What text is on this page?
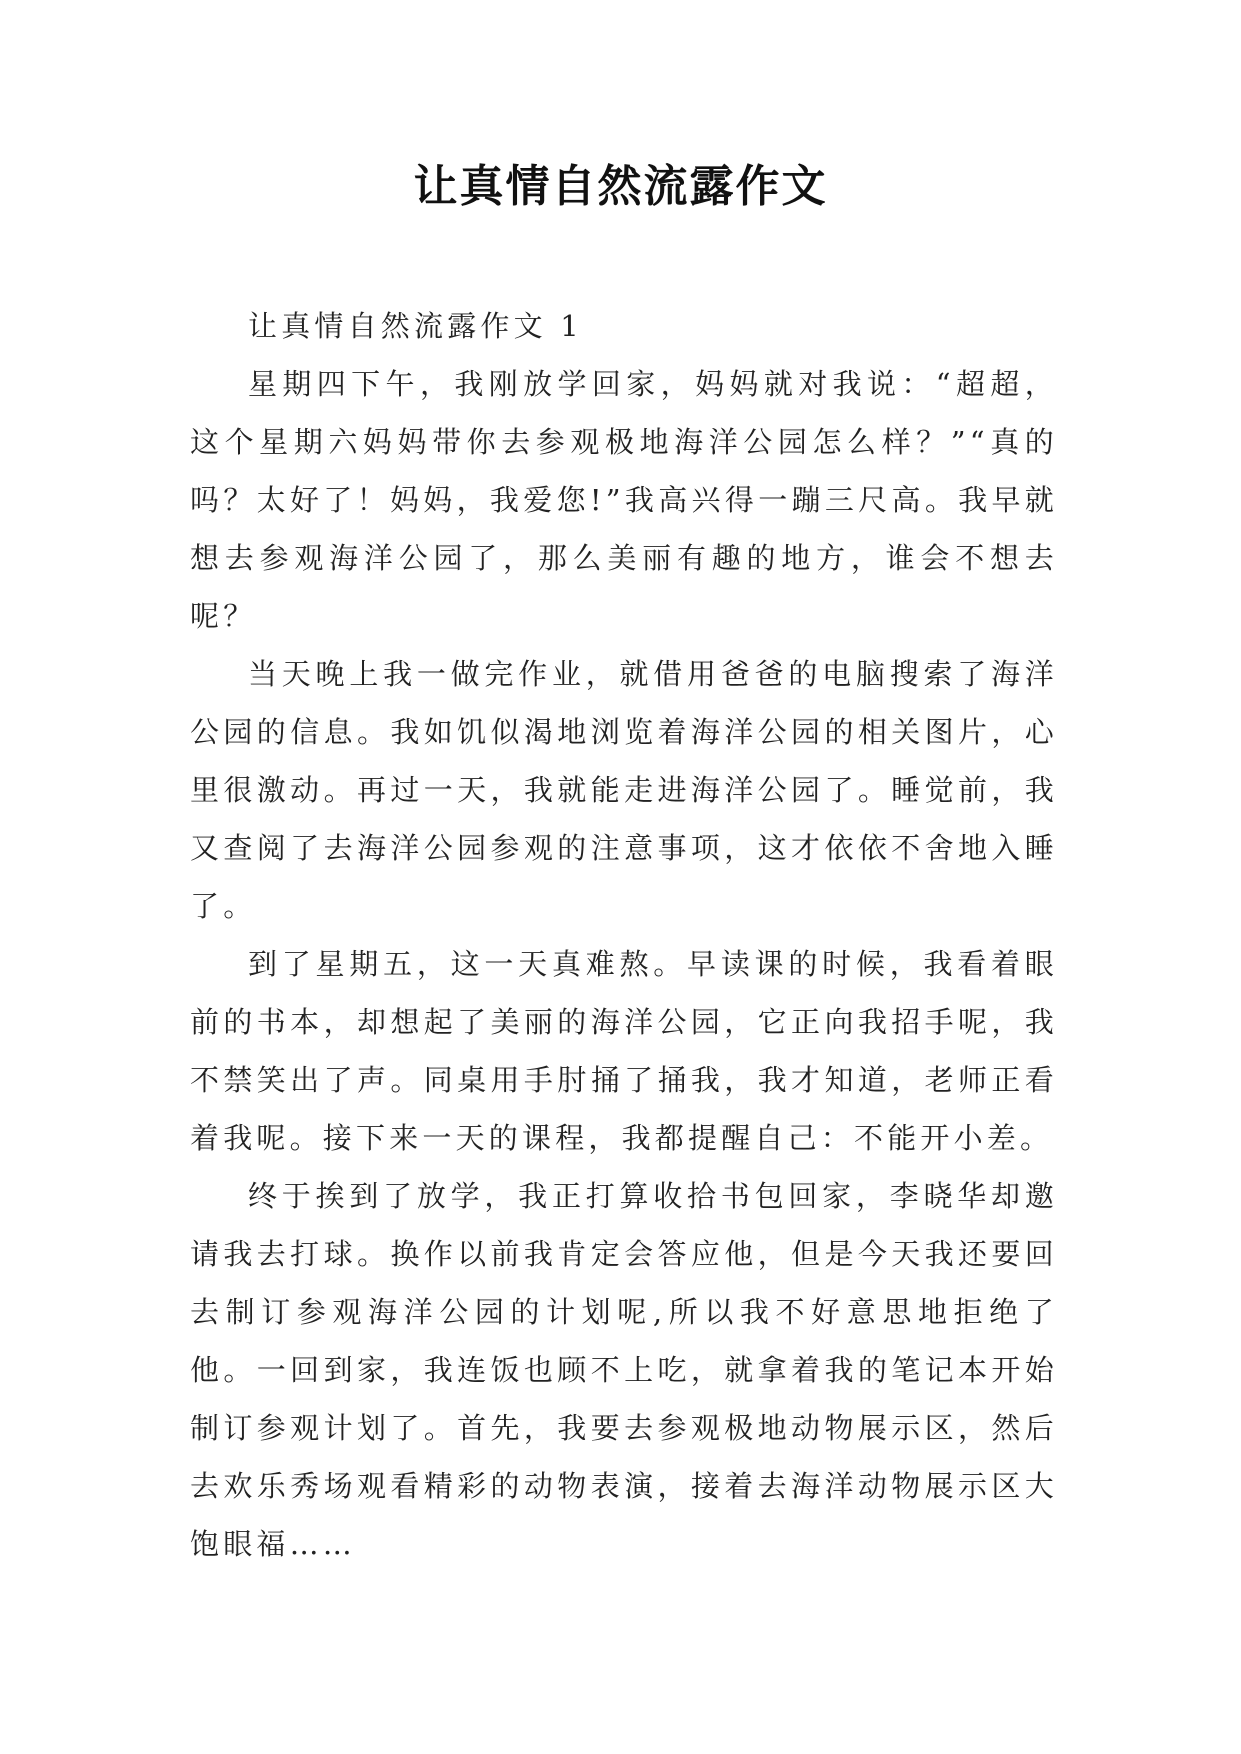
让真情自然流露作文

让真情自然流露作文 1

星期四下午，我刚放学回家，妈妈就对我说：“超超，这个星期六妈妈带你去参观极地海洋公园怎么样？”“真的吗？太好了！妈妈，我爱您!”我高兴得一蹦三尺高。我早就想去参观海洋公园了，那么美丽有趣的地方，谁会不想去呢？

当天晚上我一做完作业，就借用爸爸的电脑搜索了海洋公园的信息。我如饥似渴地浏览着海洋公园的相关图片，心里很激动。再过一天，我就能走进海洋公园了。睡觉前，我又查阅了去海洋公园参观的注意事项，这才依依不舍地入睡了。

到了星期五，这一天真难熬。早读课的时候，我看着眼前的书本，却想起了美丽的海洋公园，它正向我招手呢，我不禁笑出了声。同桌用手肘捅了捅我，我才知道，老师正看着我呢。接下来一天的课程，我都提醒自己：不能开小差。

终于挨到了放学，我正打算收拾书包回家，李晓华却邀请我去打球。换作以前我肯定会答应他，但是今天我还要回去制订参观海洋公园的计划呢,所以我不好意思地拒绝了他。一回到家，我连饭也顾不上吃，就拿着我的笔记本开始制订参观计划了。首先，我要去参观极地动物展示区，然后去欢乐秀场观看精彩的动物表演，接着去海洋动物展示区大饱眼福……
